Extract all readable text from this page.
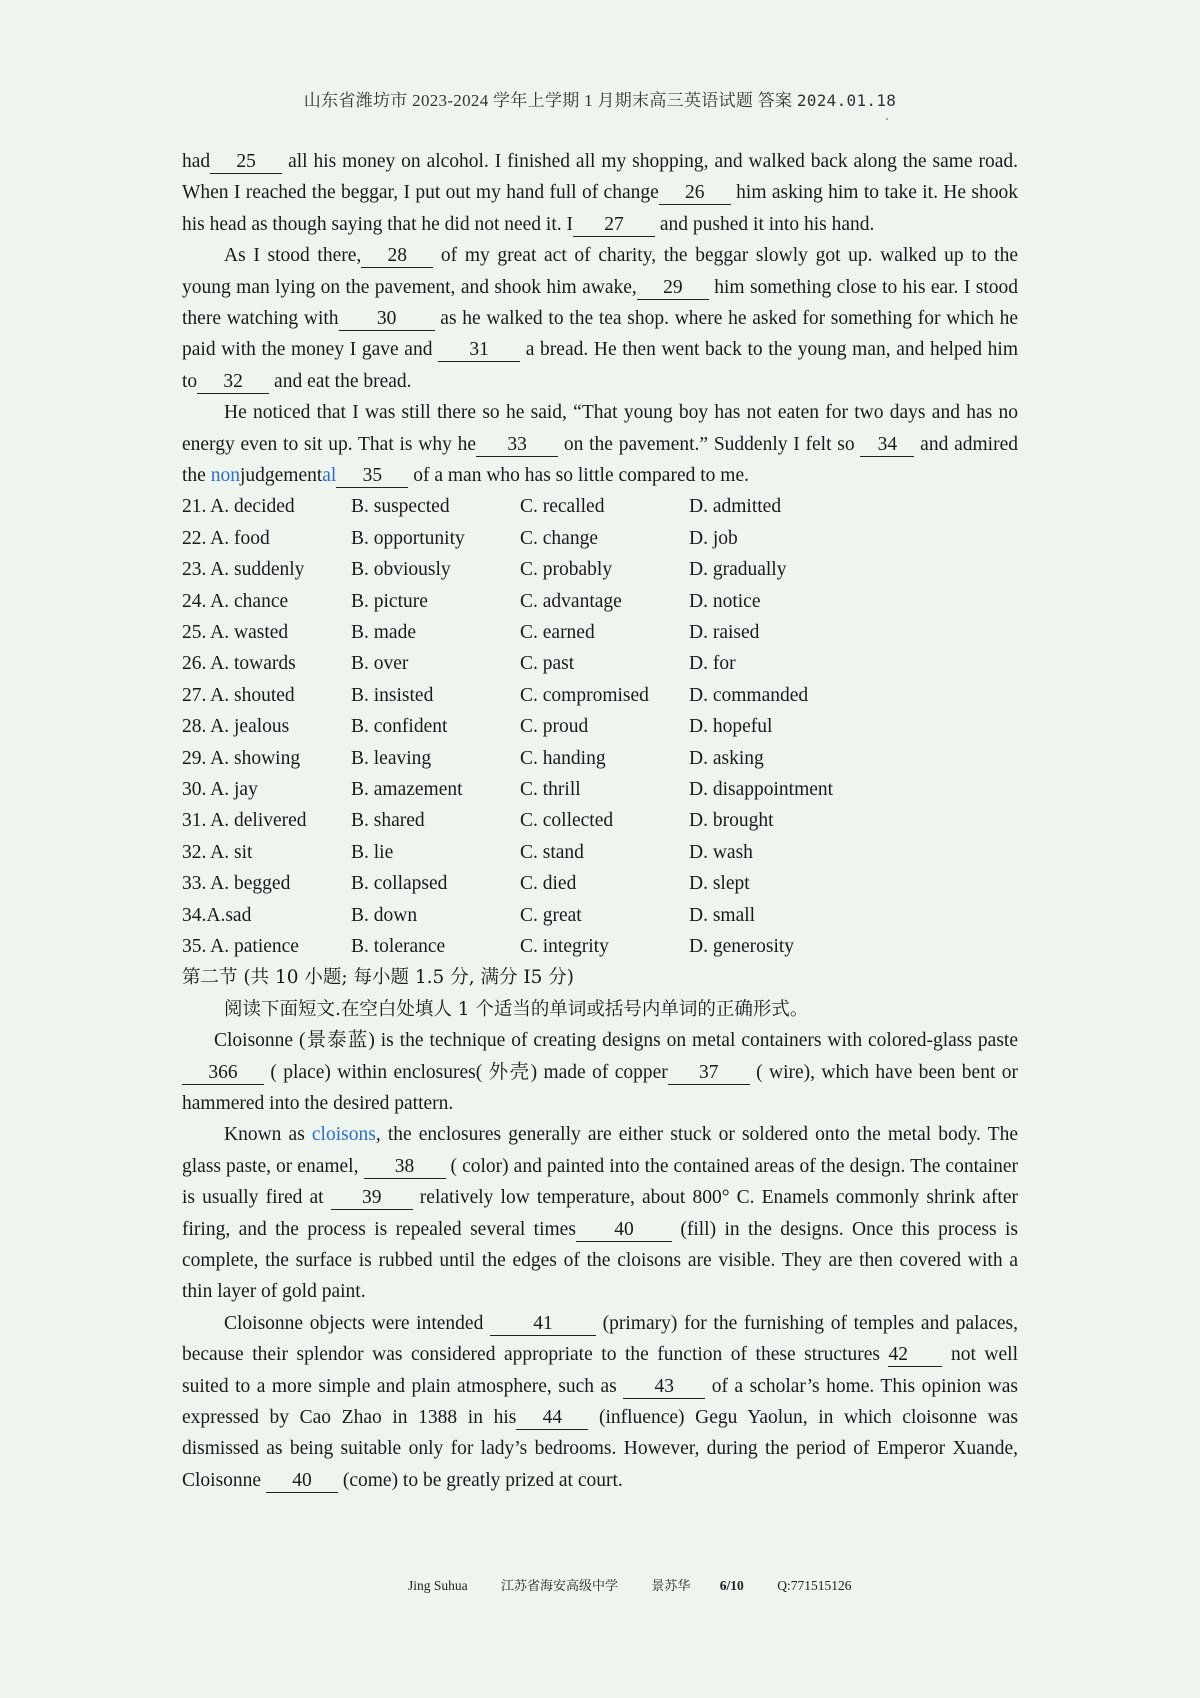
山东省潍坊市 2023-2024 学年上学期 1 月期末高三英语试题 答案 2024.01.18

had 25 all his money on alcohol. I finished all my shopping, and walked back along the same road. When I reached the beggar, I put out my hand full of change 26 him asking him to take it. He shook his head as though saying that he did not need it. I 27 and pushed it into his hand.

As I stood there, 28 of my great act of charity, the beggar slowly got up. walked up to the young man lying on the pavement, and shook him awake, 29 him something close to his ear. I stood there watching with 30 as he walked to the tea shop. where he asked for something for which he paid with the money I gave and 31 a bread. He then went back to the young man, and helped him to 32 and eat the bread.

He noticed that I was still there so he said, “That young boy has not eaten for two days and has no energy even to sit up. That is why he 33 on the pavement.” Suddenly I felt so 34 and admired the nonjudgemental 35 of a man who has so little compared to me.

21. A. decided	B. suspected	C. recalled	D. admitted
22. A. food	B. opportunity	C. change	D. job
23. A. suddenly	B. obviously	C. probably	D. gradually
24. A. chance	B. picture	C. advantage	D. notice
25. A. wasted	B. made	C. earned	D. raised
26. A. towards	B. over	C. past	D. for
27. A. shouted	B. insisted	C. compromised	D. commanded
28. A. jealous	B. confident	C. proud	D. hopeful
29. A. showing	B. leaving	C. handing	D. asking
30. A. jay	B. amazement	C. thrill	D. disappointment
31. A. delivered	B. shared	C. collected	D. brought
32. A. sit	B. lie	C. stand	D. wash
33. A. begged	B. collapsed	C. died	D. slept
34.A.sad	B. down	C. great	D. small
35. A. patience	B. tolerance	C. integrity	D. generosity

第二节 (共 10 小题; 每小题 1.5 分, 满分 I5 分)

阅读下面短文.在空白处填人 1 个适当的单词或括号内单词的正确形式。

Cloisonne (景泰蓝) is the technique of creating designs on metal containers with colored-glass paste366 ( place) within enclosures( 外壳) made of copper 37 ( wire), which have been bent or hammered into the desired pattern.

Known as cloisons, the enclosures generally are either stuck or soldered onto the metal body. The glass paste, or enamel, 38 ( color) and painted into the contained areas of the design. The container is usually fired at 39 relatively low temperature, about 800° C. Enamels commonly shrink after firing, and the process is repealed several times 40 (fill) in the designs. Once this process is complete, the surface is rubbed until the edges of the cloisons are visible. They are then covered with a thin layer of gold paint.

Cloisonne objects were intended 41 (primary) for the furnishing of temples and palaces, because their splendor was considered appropriate to the function of these structures 42 not well suited to a more simple and plain atmosphere, such as 43 of a scholar’s home. This opinion was expressed by Cao Zhao in 1388 in his 44 (influence) Gegu Yaolun, in which cloisonne was dismissed as being suitable only for lady’s bedrooms. However, during the period of Emperor Xuande, Cloisonne 40 (come) to be greatly prized at court.

Jing Suhua	江苏省海安高级中学	景苏华 6/10 Q:771515126
